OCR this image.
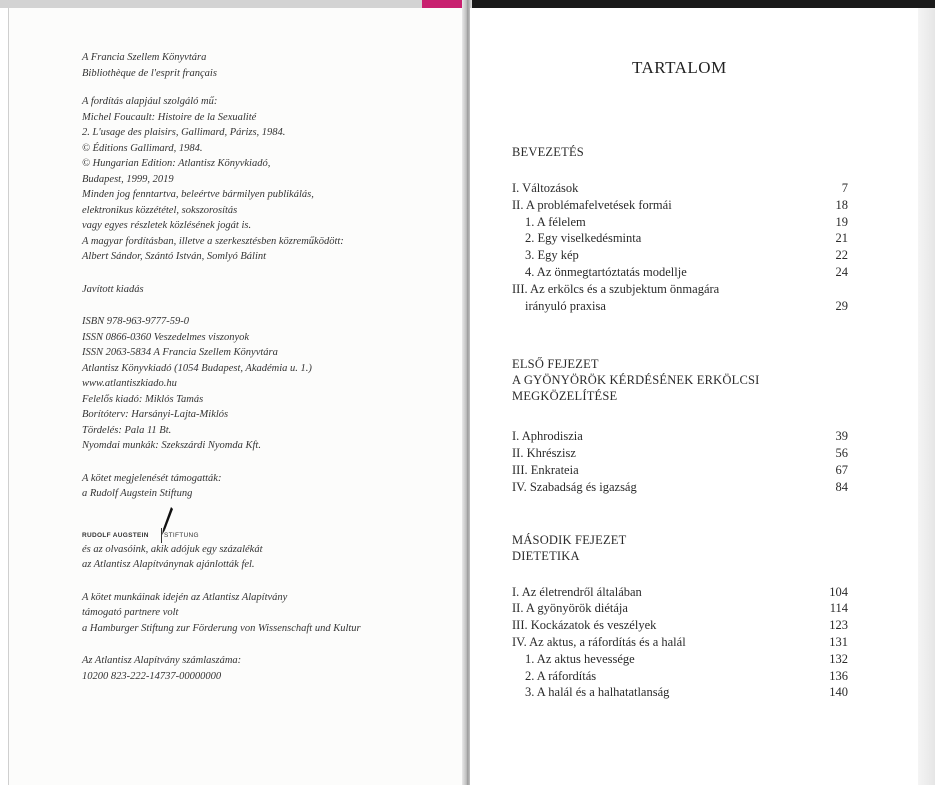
A Francia Szellem Könyvtára

Bibliothèque de l'esprit français

A fordítás alapjául szolgáló mű:

Michel Foucault: Histoire de la Sexualité

2. L'usage des plaisirs, Gallimard, Párizs, 1984.

© Éditions Gallimard, 1984.

© Hungarian Edition: Atlantisz Könyvkiadó,

Budapest, 1999, 2019

Minden jog fenntartva, beleértve bármilyen publikálás,

elektronikus közzététel, sokszorosítás

vagy egyes részletek közlésének jogát is.

A magyar fordításban, illetve a szerkesztésben közreműködött:

Albert Sándor, Szántó István, Somlyó Bálint

Javított kiadás

ISBN 978-963-9777-59-0

ISSN 0866-0360 Veszedelmes viszonyok

ISSN 2063-5834 A Francia Szellem Könyvtára

Atlantisz Könyvkiadó (1054 Budapest, Akadémia u. 1.)

www.atlantiszkiado.hu

Felelős kiadó: Miklós Tamás

Borítóterv: Harsányi-Lajta-Miklós

Tördelés: Pala 11 Bt.

Nyomdai munkák: Szekszárdi Nyomda Kft.

A kötet megjelenését támogatták:

a Rudolf Augstein Stiftung

RUDOLF AUGSTEIN	STIFTUNG

és az olvasóink, akik adójuk egy százalékát

az Atlantisz Alapítványnak ajánlották fel.

A kötet munkáinak idején az Atlantisz Alapítvány

támogató partnere volt

a Hamburger Stiftung zur Förderung von Wissenschaft und Kultur

Az Atlantisz Alapítvány számlaszáma:

10200 823-222-14737-00000000

TARTALOM
BEVEZETÉS
I. Változások	7
II. A problémafelvetések formái	18
1. A félelem	19
2. Egy viselkedésminta	21
3. Egy kép	22
4. Az önmegtartóztatás modellje	24
III. Az erkölcs és a szubjektum önmagára
irányuló praxisa	29
ELSŐ FEJEZET
A GYÖNYÖRÖK KÉRDÉSÉNEK ERKÖLCSI
MEGKÖZELÍTÉSE
I. Aphrodiszia	39
II. Khrészisz	56
III. Enkrateia	67
IV. Szabadság és igazság	84
MÁSODIK FEJEZET
DIETETIKA
I. Az életrendről általában	104
II. A gyönyörök diétája	114
III. Kockázatok és veszélyek	123
IV. Az aktus, a ráfordítás és a halál	131
1. Az aktus hevessége	132
2. A ráfordítás	136
3. A halál és a halhatatlanság	140
